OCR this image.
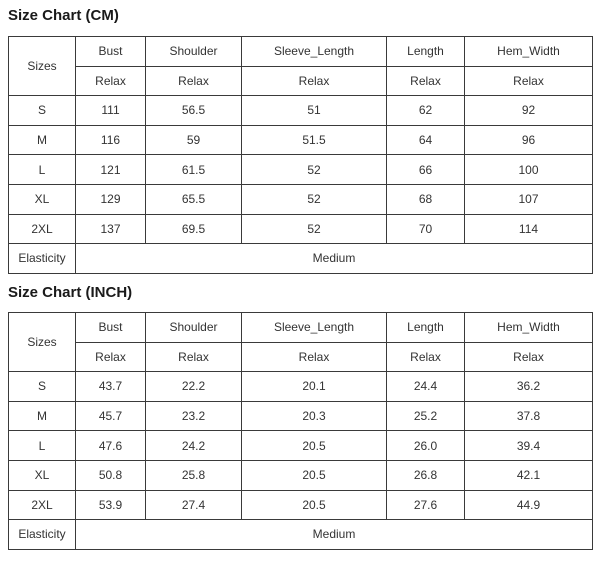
Size Chart (CM)
Sizes	Bust	Shoulder	Sleeve_Length	Length	Hem_Width
	Relax	Relax	Relax	Relax	Relax
S	111	56.5	51	62	92
M	116	59	51.5	64	96
L	121	61.5	52	66	100
XL	129	65.5	52	68	107
2XL	137	69.5	52	70	114
Elasticity	Medium				
Size Chart (INCH)
Sizes	Bust	Shoulder	Sleeve_Length	Length	Hem_Width
	Relax	Relax	Relax	Relax	Relax
S	43.7	22.2	20.1	24.4	36.2
M	45.7	23.2	20.3	25.2	37.8
L	47.6	24.2	20.5	26.0	39.4
XL	50.8	25.8	20.5	26.8	42.1
2XL	53.9	27.4	20.5	27.6	44.9
Elasticity	Medium				
